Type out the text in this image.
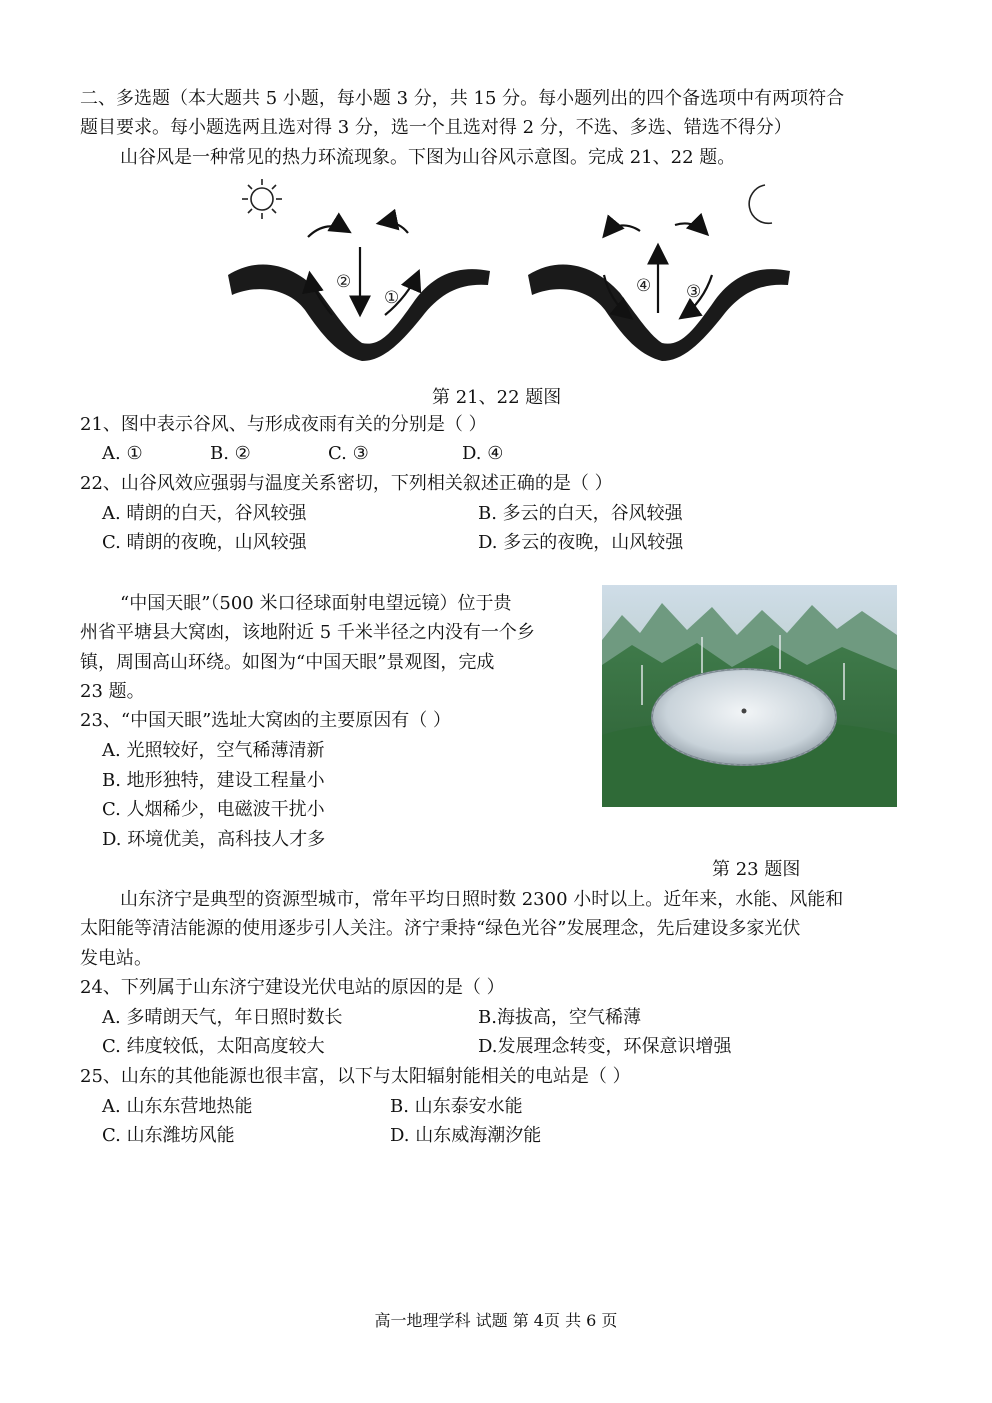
二、多选题（本大题共 5 小题，每小题 3 分，共 15 分。每小题列出的四个备选项中有两项符合
题目要求。每小题选两且选对得 3 分，选一个且选对得 2 分，不选、多选、错选不得分）
山谷风是一种常见的热力环流现象。下图为山谷风示意图。完成 21、22 题。
②
①
④ ③
第 21、22 题图
21、图中表示谷风、与形成夜雨有关的分别是（ ）
A. ①	B. ②	C. ③	D. ④
22、山谷风效应强弱与温度关系密切，下列相关叙述正确的是（ ）
A. 晴朗的白天，谷风较强	B. 多云的白天，谷风较强
C. 晴朗的夜晚，山风较强	D. 多云的夜晚，山风较强
“中国天眼”（500 米口径球面射电望远镜）位于贵
州省平塘县大窝凼，该地附近 5 千米半径之内没有一个乡
镇，周围高山环绕。如图为“中国天眼”景观图，完成
23 题。
23、“中国天眼”选址大窝凼的主要原因有（ ）
A. 光照较好，空气稀薄清新
B. 地形独特，建设工程量小
C. 人烟稀少，电磁波干扰小
D. 环境优美，高科技人才多
第 23 题图
山东济宁是典型的资源型城市，常年平均日照时数 2300 小时以上。近年来，水能、风能和
太阳能等清洁能源的使用逐步引人关注。济宁秉持“绿色光谷”发展理念，先后建设多家光伏
发电站。
24、下列属于山东济宁建设光伏电站的原因的是（ ）
A. 多晴朗天气，年日照时数长	B.海拔高，空气稀薄
C. 纬度较低，太阳高度较大	D.发展理念转变，环保意识增强
25、山东的其他能源也很丰富，以下与太阳辐射能相关的电站是（ ）
A. 山东东营地热能	B. 山东泰安水能
C. 山东潍坊风能	D. 山东威海潮汐能
高一地理学科 试题 第 4页 共 6 页
